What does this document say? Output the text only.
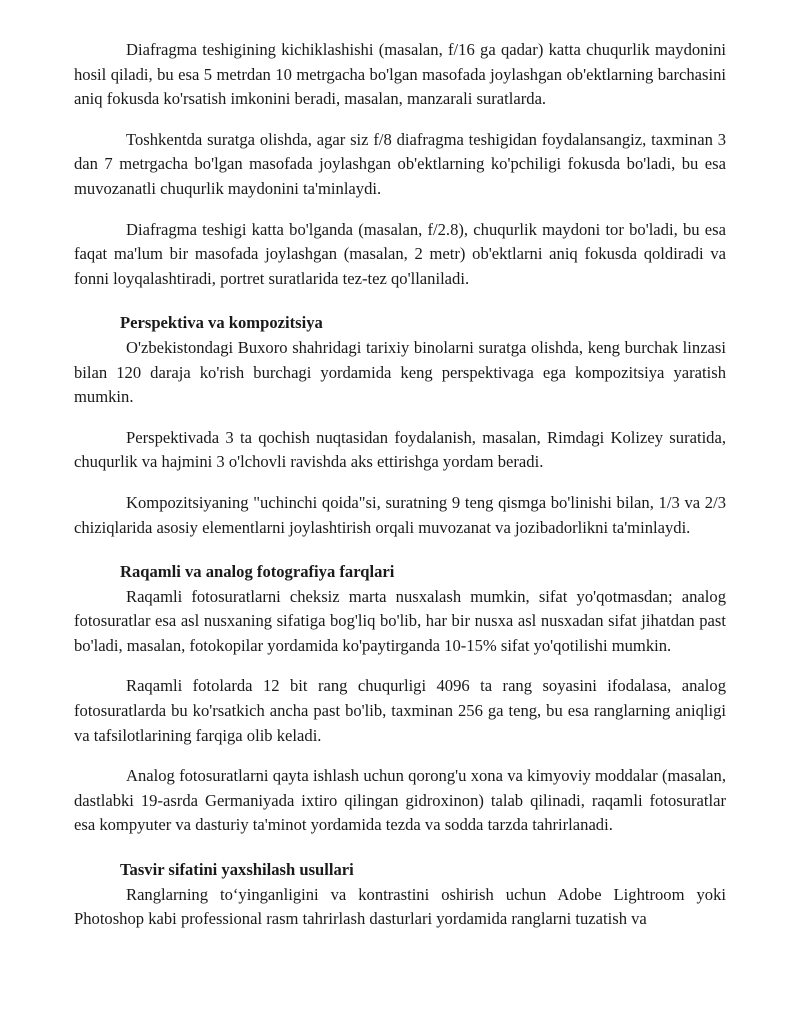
Diafragma teshigining kichiklashishi (masalan, f/16 ga qadar) katta chuqurlik maydonini hosil qiladi, bu esa 5 metrdan 10 metrgacha bo'lgan masofada joylashgan ob'ektlarning barchasini aniq fokusda ko'rsatish imkonini beradi, masalan, manzarali suratlarda.

Toshkentda suratga olishda, agar siz f/8 diafragma teshigidan foydalansangiz, taxminan 3 dan 7 metrgacha bo'lgan masofada joylashgan ob'ektlarning ko'pchiligi fokusda bo'ladi, bu esa muvozanatli chuqurlik maydonini ta'minlaydi.

Diafragma teshigi katta bo'lganda (masalan, f/2.8), chuqurlik maydoni tor bo'ladi, bu esa faqat ma'lum bir masofada joylashgan (masalan, 2 metr) ob'ektlarni aniq fokusda qoldiradi va fonni loyqalashtiradi, portret suratlarida tez-tez qo'llaniladi.

Perspektiva va kompozitsiya

O'zbekistondagi Buxoro shahridagi tarixiy binolarni suratga olishda, keng burchak linzasi bilan 120 daraja ko'rish burchagi yordamida keng perspektivaga ega kompozitsiya yaratish mumkin.

Perspektivada 3 ta qochish nuqtasidan foydalanish, masalan, Rimdagi Kolizey suratida, chuqurlik va hajmini 3 o'lchovli ravishda aks ettirishga yordam beradi.

Kompozitsiyaning "uchinchi qoida"si, suratning 9 teng qismga bo'linishi bilan, 1/3 va 2/3 chiziqlarida asosiy elementlarni joylashtirish orqali muvozanat va jozibadorlikni ta'minlaydi.

Raqamli va analog fotografiya farqlari

Raqamli fotosuratlarni cheksiz marta nusxalash mumkin, sifat yo'qotmasdan; analog fotosuratlar esa asl nusxaning sifatiga bog'liq bo'lib, har bir nusxa asl nusxadan sifat jihatdan past bo'ladi, masalan, fotokopilar yordamida ko'paytirganda 10-15% sifat yo'qotilishi mumkin.

Raqamli fotolarda 12 bit rang chuqurligi 4096 ta rang soyasini ifodalasa, analog fotosuratlarda bu ko'rsatkich ancha past bo'lib, taxminan 256 ga teng, bu esa ranglarning aniqligi va tafsilotlarining farqiga olib keladi.

Analog fotosuratlarni qayta ishlash uchun qorong'u xona va kimyoviy moddalar (masalan, dastlabki 19-asrda Germaniyada ixtiro qilingan gidroxinon) talab qilinadi, raqamli fotosuratlar esa kompyuter va dasturiy ta'minot yordamida tezda va sodda tarzda tahrirlanadi.

Tasvir sifatini yaxshilash usullari

Ranglarning to‘yinganligini va kontrastini oshirish uchun Adobe Lightroom yoki Photoshop kabi professional rasm tahrirlash dasturlari yordamida ranglarni tuzatish va
